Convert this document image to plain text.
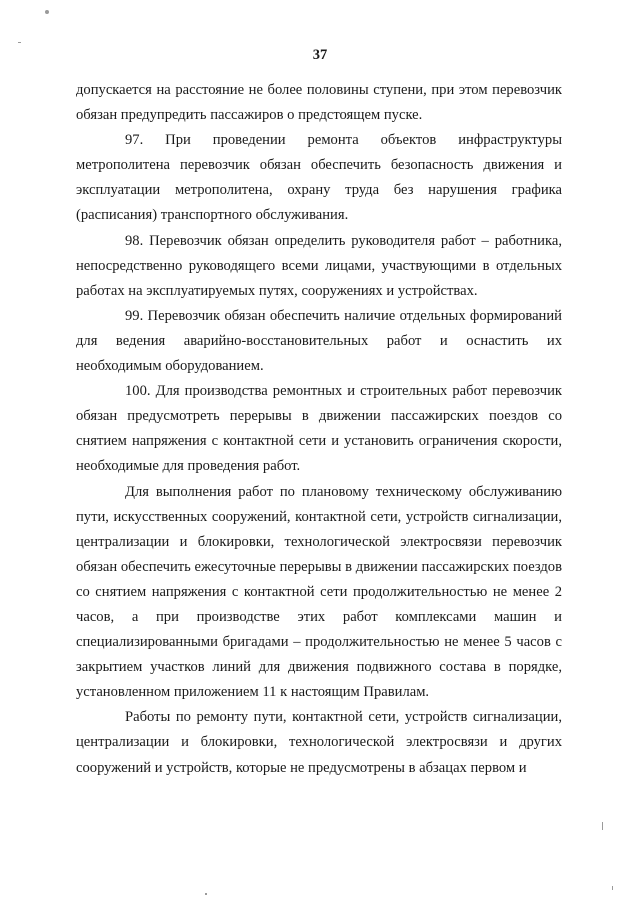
37

допускается на расстояние не более половины ступени, при этом перевозчик обязан предупредить пассажиров о предстоящем пуске.

97. При проведении ремонта объектов инфраструктуры метрополитена перевозчик обязан обеспечить безопасность движения и эксплуатации метрополитена, охрану труда без нарушения графика (расписания) транспортного обслуживания.

98. Перевозчик обязан определить руководителя работ – работника, непосредственно руководящего всеми лицами, участвующими в отдельных работах на эксплуатируемых путях, сооружениях и устройствах.

99. Перевозчик обязан обеспечить наличие отдельных формирований для ведения аварийно-восстановительных работ и оснастить их необходимым оборудованием.

100. Для производства ремонтных и строительных работ перевозчик обязан предусмотреть перерывы в движении пассажирских поездов со снятием напряжения с контактной сети и установить ограничения скорости, необходимые для проведения работ.

Для выполнения работ по плановому техническому обслуживанию пути, искусственных сооружений, контактной сети, устройств сигнализации, централизации и блокировки, технологической электросвязи перевозчик обязан обеспечить ежесуточные перерывы в движении пассажирских поездов со снятием напряжения с контактной сети продолжительностью не менее 2 часов, а при производстве этих работ комплексами машин и специализированными бригадами – продолжительностью не менее 5 часов с закрытием участков линий для движения подвижного состава в порядке, установленном приложением 11 к настоящим Правилам.

Работы по ремонту пути, контактной сети, устройств сигнализации, централизации и блокировки, технологической электросвязи и других сооружений и устройств, которые не предусмотрены в абзацах первом и
